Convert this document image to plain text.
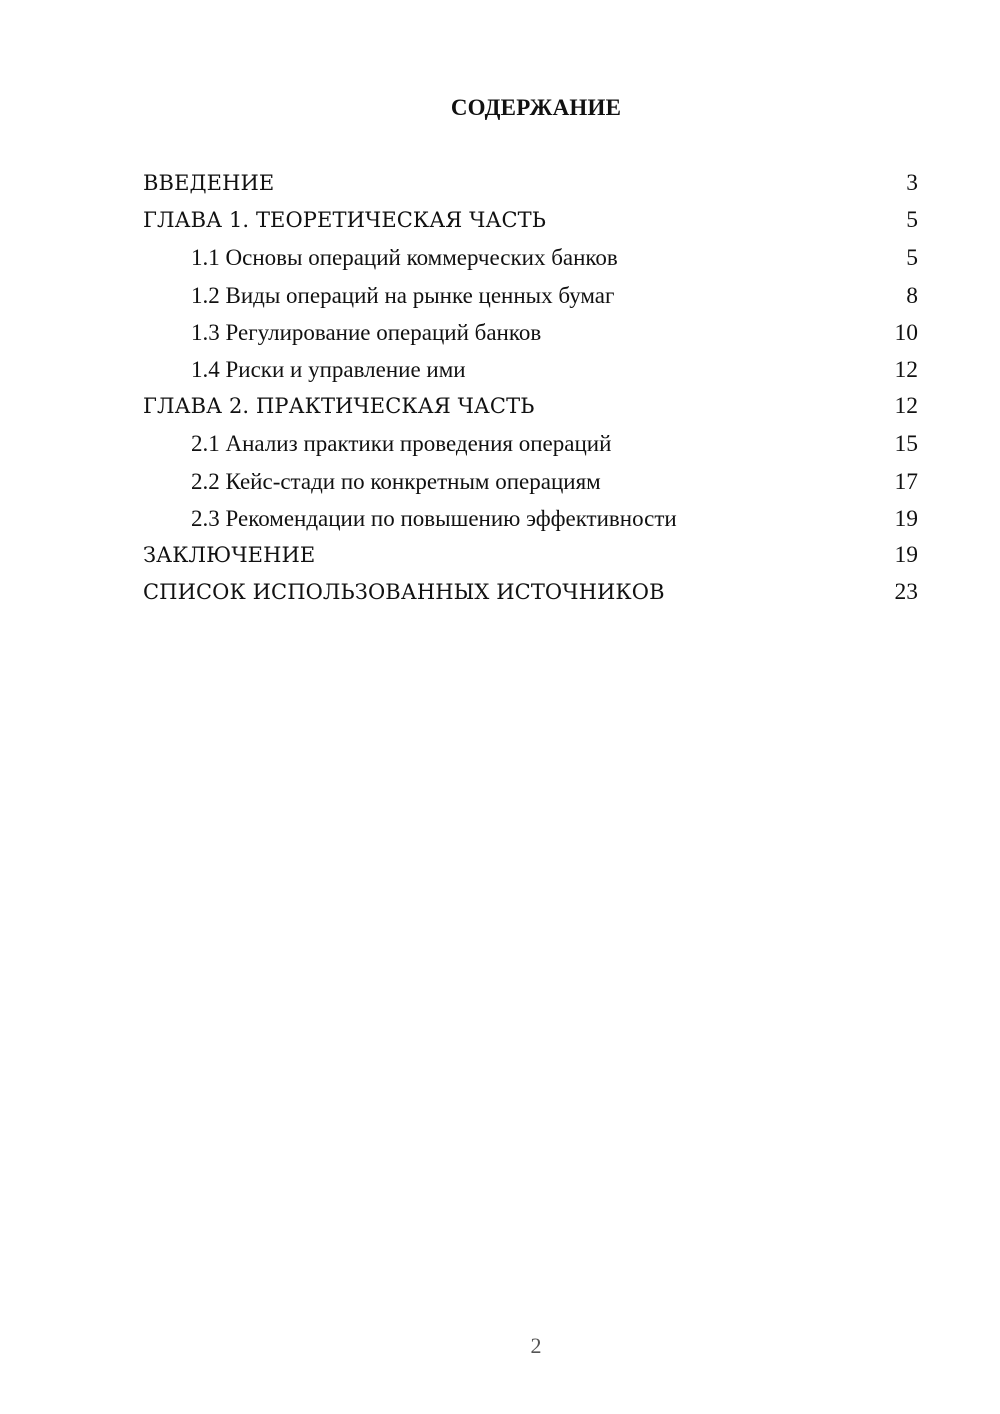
СОДЕРЖАНИЕ
ВВЕДЕНИЕ	3
ГЛАВА 1. ТЕОРЕТИЧЕСКАЯ ЧАСТЬ	5
1.1 Основы операций коммерческих банков	5
1.2 Виды операций на рынке ценных бумаг	8
1.3 Регулирование операций банков	10
1.4 Риски и управление ими	12
ГЛАВА 2. ПРАКТИЧЕСКАЯ ЧАСТЬ	12
2.1 Анализ практики проведения операций	15
2.2 Кейс-стади по конкретным операциям	17
2.3 Рекомендации по повышению эффективности	19
ЗАКЛЮЧЕНИЕ	19
СПИСОК ИСПОЛЬЗОВАННЫХ ИСТОЧНИКОВ	23
2
